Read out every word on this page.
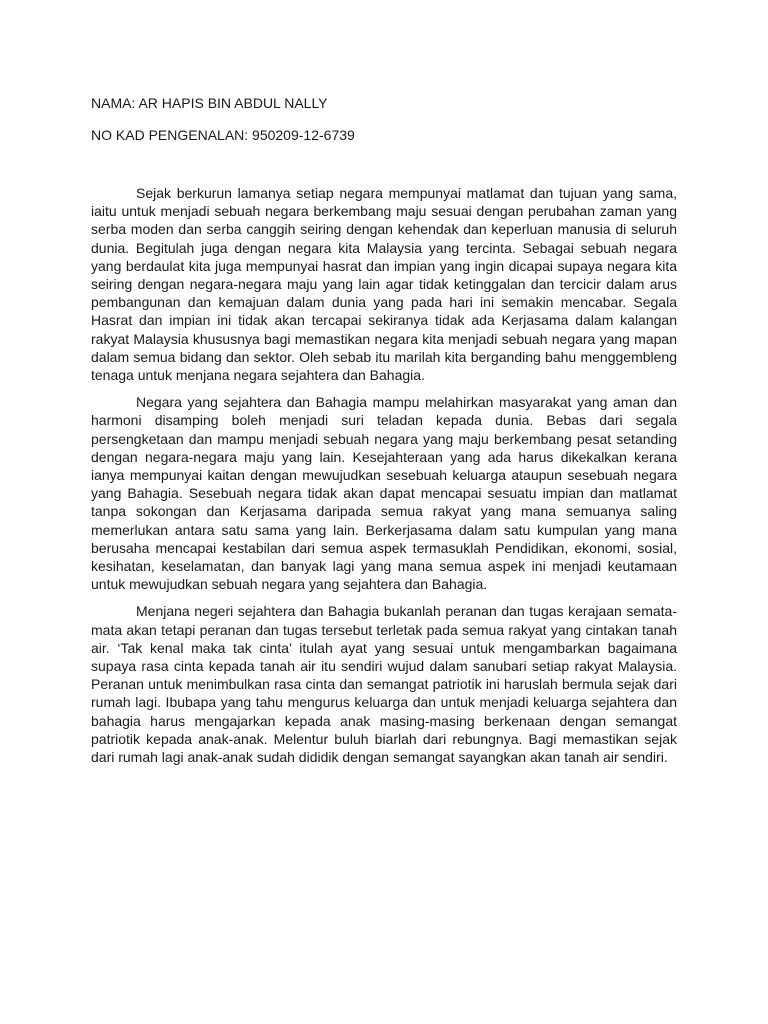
NAMA: AR HAPIS BIN ABDUL NALLY

NO KAD PENGENALAN: 950209-12-6739

Sejak berkurun lamanya setiap negara mempunyai matlamat dan tujuan yang sama, iaitu untuk menjadi sebuah negara berkembang maju sesuai dengan perubahan zaman yang serba moden dan serba canggih seiring dengan kehendak dan keperluan manusia di seluruh dunia. Begitulah juga dengan negara kita Malaysia yang tercinta. Sebagai sebuah negara yang berdaulat kita juga mempunyai hasrat dan impian yang ingin dicapai supaya negara kita seiring dengan negara-negara maju yang lain agar tidak ketinggalan dan tercicir dalam arus pembangunan dan kemajuan dalam dunia yang pada hari ini semakin mencabar. Segala Hasrat dan impian ini tidak akan tercapai sekiranya tidak ada Kerjasama dalam kalangan rakyat Malaysia khususnya bagi memastikan negara kita menjadi sebuah negara yang mapan dalam semua bidang dan sektor. Oleh sebab itu marilah kita berganding bahu menggembleng tenaga untuk menjana negara sejahtera dan Bahagia.

Negara yang sejahtera dan Bahagia mampu melahirkan masyarakat yang aman dan harmoni disamping boleh menjadi suri teladan kepada dunia. Bebas dari segala persengketaan dan mampu menjadi sebuah negara yang maju berkembang pesat setanding dengan negara-negara maju yang lain. Kesejahteraan yang ada harus dikekalkan kerana ianya mempunyai kaitan dengan mewujudkan sesebuah keluarga ataupun sesebuah negara yang Bahagia. Sesebuah negara tidak akan dapat mencapai sesuatu impian dan matlamat tanpa sokongan dan Kerjasama daripada semua rakyat yang mana semuanya saling memerlukan antara satu sama yang lain. Berkerjasama dalam satu kumpulan yang mana berusaha mencapai kestabilan dari semua aspek termasuklah Pendidikan, ekonomi, sosial, kesihatan, keselamatan, dan banyak lagi yang mana semua aspek ini menjadi keutamaan untuk mewujudkan sebuah negara yang sejahtera dan Bahagia.

Menjana negeri sejahtera dan Bahagia bukanlah peranan dan tugas kerajaan semata-mata akan tetapi peranan dan tugas tersebut terletak pada semua rakyat yang cintakan tanah air. ‘Tak kenal maka tak cinta’ itulah ayat yang sesuai untuk mengambarkan bagaimana supaya rasa cinta kepada tanah air itu sendiri wujud dalam sanubari setiap rakyat Malaysia. Peranan untuk menimbulkan rasa cinta dan semangat patriotik ini haruslah bermula sejak dari rumah lagi. Ibubapa yang tahu mengurus keluarga dan untuk menjadi keluarga sejahtera dan bahagia harus mengajarkan kepada anak masing-masing berkenaan dengan semangat patriotik kepada anak-anak. Melentur buluh biarlah dari rebungnya. Bagi memastikan sejak dari rumah lagi anak-anak sudah dididik dengan semangat sayangkan akan tanah air sendiri.
